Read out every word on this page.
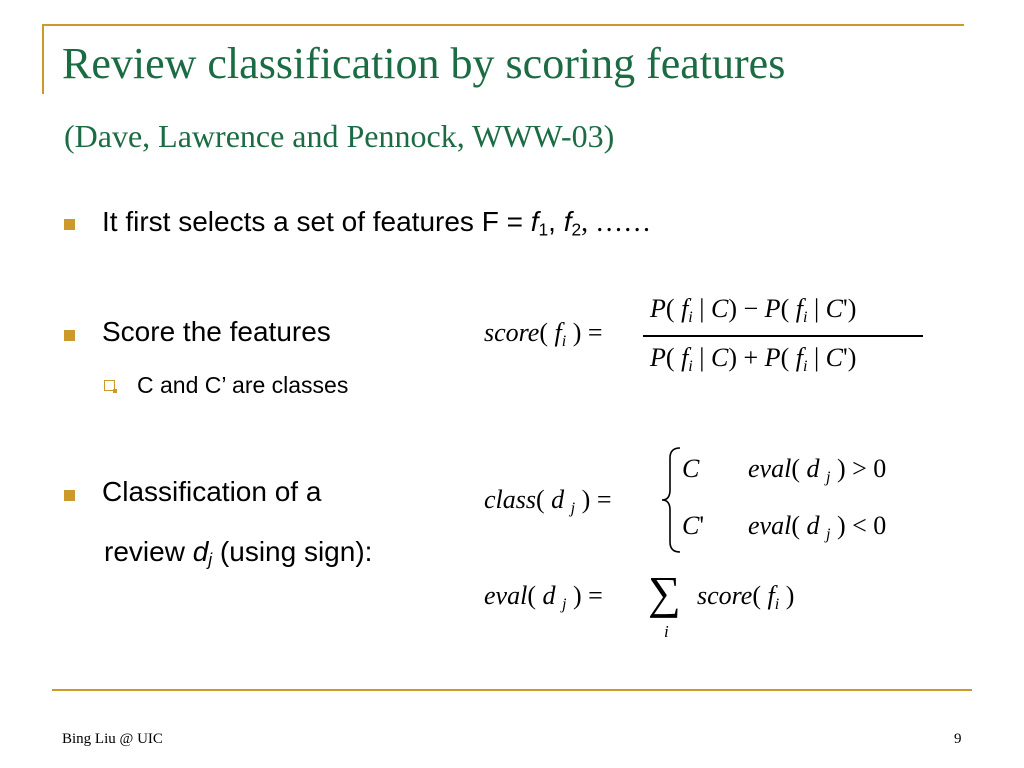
Review classification by scoring features
(Dave, Lawrence and Pennock, WWW-03)
It first selects a set of features $F = f_1$, $f_2$, ……
Score the features
C and C’ are classes
Classification of a
review $d_j$ (using sign):
score( $f_i$ ) =
P( $f_i$ | C) − P( $f_i$ | C')
P( $f_i$ | C) + P( $f_i$ | C')
class( d $_j$ ) =
C eval( d $_j$ ) > 0
C' eval( d $_j$ ) < 0
eval( d $_j$ ) = ∑
i
score( $f_i$ )
Bing Liu @ UIC	9
